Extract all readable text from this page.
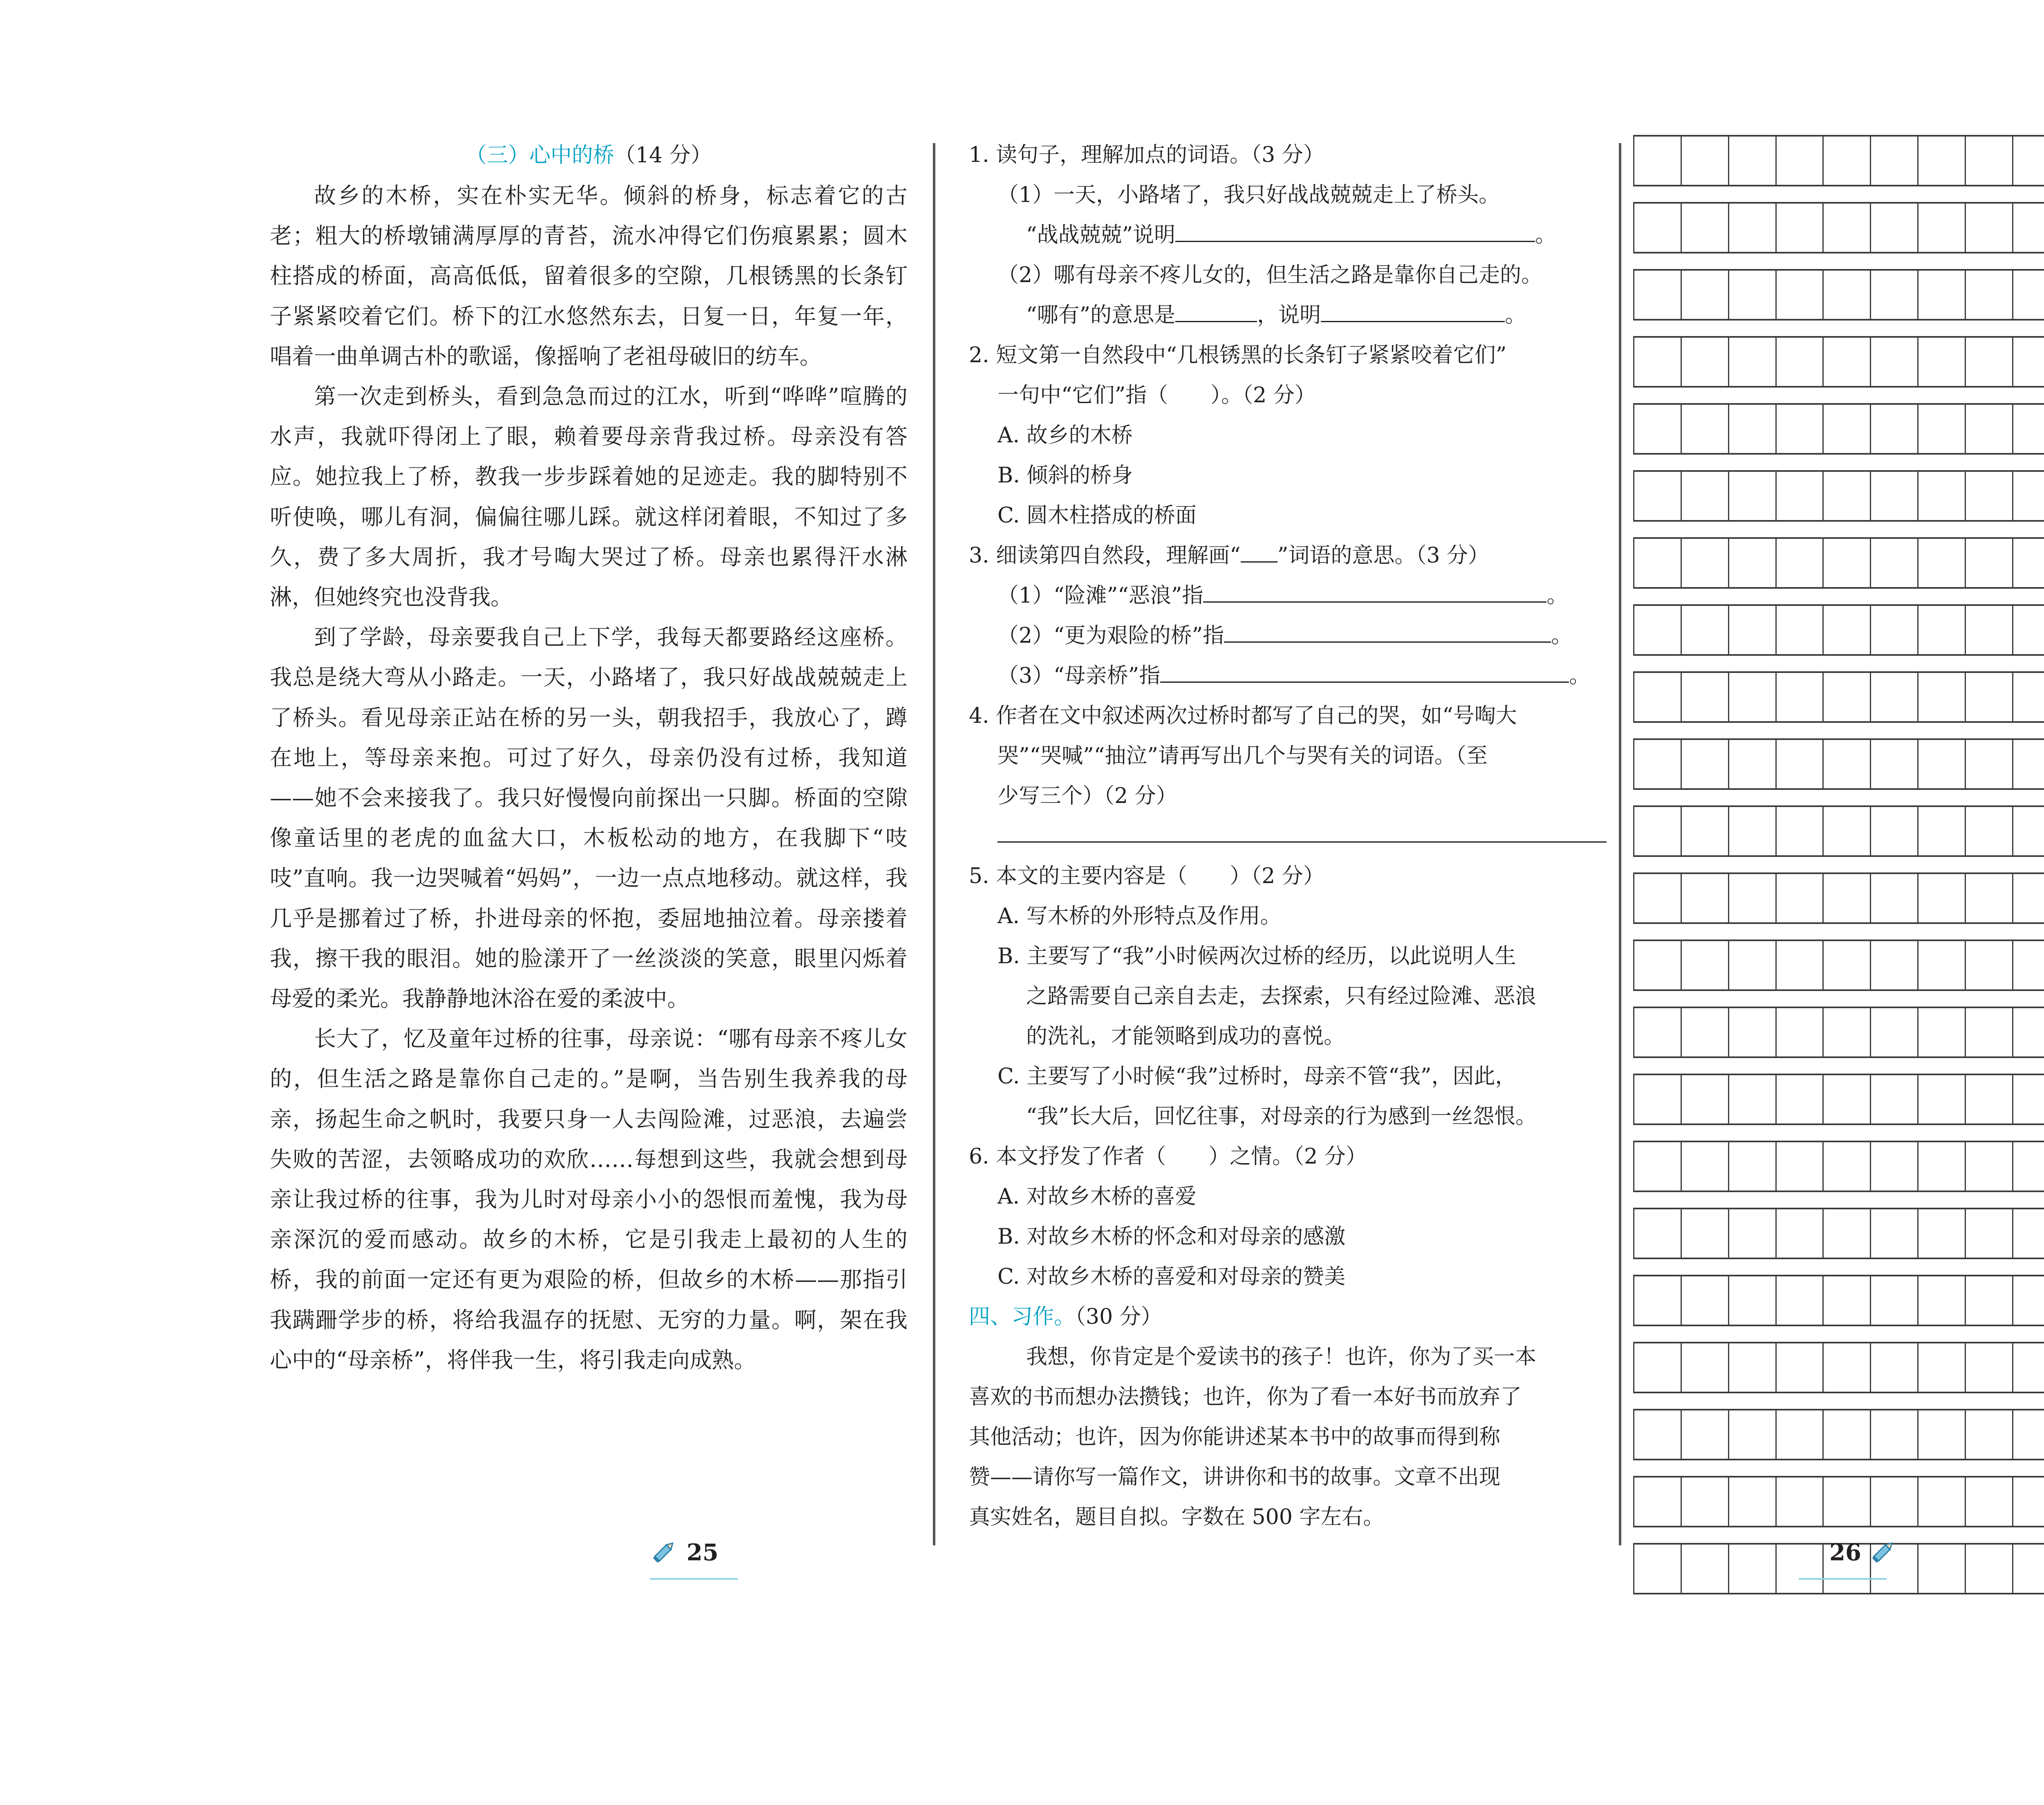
（三）心中的桥（14 分）

故乡的木桥，实在朴实无华。倾斜的桥身，标志着它的古老；粗大的桥墩铺满厚厚的青苔，流水冲得它们伤痕累累；圆木柱搭成的桥面，高高低低，留着很多的空隙，几根锈黑的长条钉子紧紧咬着它们。桥下的江水悠然东去，日复一日，年复一年，唱着一曲单调古朴的歌谣，像摇响了老祖母破旧的纺车。

第一次走到桥头，看到急急而过的江水，听到“哗哗”喧腾的水声，我就吓得闭上了眼，赖着要母亲背我过桥。母亲没有答应。她拉我上了桥，教我一步步踩着她的足迹走。我的脚特别不听使唤，哪儿有洞，偏偏往哪儿踩。就这样闭着眼，不知过了多久，费了多大周折，我才号啕大哭过了桥。母亲也累得汗水淋淋，但她终究也没背我。

到了学龄，母亲要我自己上下学，我每天都要路经这座桥。我总是绕大弯从小路走。一天，小路堵了，我只好战战兢兢走上了桥头。看见母亲正站在桥的另一头，朝我招手，我放心了，蹲在地上，等母亲来抱。可过了好久，母亲仍没有过桥，我知道——她不会来接我了。我只好慢慢向前探出一只脚。桥面的空隙像童话里的老虎的血盆大口，木板松动的地方，在我脚下“吱吱”直响。我一边哭喊着“妈妈”，一边一点点地移动。就这样，我几乎是挪着过了桥，扑进母亲的怀抱，委屈地抽泣着。母亲搂着我，擦干我的眼泪。她的脸漾开了一丝淡淡的笑意，眼里闪烁着母爱的柔光。我静静地沐浴在爱的柔波中。

长大了，忆及童年过桥的往事，母亲说：“哪有母亲不疼儿女的，但生活之路是靠你自己走的。”是啊，当告别生我养我的母亲，扬起生命之帆时，我要只身一人去闯险滩，过恶浪，去遍尝失败的苦涩，去领略成功的欢欣……每想到这些，我就会想到母亲让我过桥的往事，我为儿时对母亲小小的怨恨而羞愧，我为母亲深沉的爱而感动。故乡的木桥，它是引我走上最初的人生的桥，我的前面一定还有更为艰险的桥，但故乡的木桥——那指引我蹒跚学步的桥，将给我温存的抚慰、无穷的力量。啊，架在我心中的“母亲桥”，将伴我一生，将引我走向成熟。

1. 读句子，理解加点的词语。（3 分）
（1）一天，小路堵了，我只好战战兢兢 • • • •走上了桥头。
“战战兢兢”说明	。
（2）哪有母亲不疼儿女的，但生活之路是靠你自己走的。
“哪有”的意思是	，说明	。
2. 短文第一自然段中“几根锈黑的长条钉子紧紧咬着它们”
一句中“它们”指（　　）。（2 分）
A. 故乡的木桥
B. 倾斜的桥身
C. 圆木柱搭成的桥面
3. 细读第四自然段，理解画“ ”词语的意思。（3 分）
（1）“险滩”“恶浪”指	。
（2）“更为艰险的桥”指	。
（3）“母亲桥”指	。
4. 作者在文中叙述两次过桥时都写了自己的哭，如“号啕大
哭”“哭喊”“抽泣”请再写出几个与哭有关的词语。（至
少写三个）（2 分）
5. 本文的主要内容是（　　）（2 分）
A. 写木桥的外形特点及作用。
B. 主要写了“我”小时候两次过桥的经历，以此说明人生
之路需要自己亲自去走，去探索，只有经过险滩、恶浪
的洗礼，才能领略到成功的喜悦。
C. 主要写了小时候“我”过桥时，母亲不管“我”，因此，
“我”长大后，回忆往事，对母亲的行为感到一丝怨恨。
6. 本文抒发了作者（　　）之情。（2 分）
A. 对故乡木桥的喜爱
B. 对故乡木桥的怀念和对母亲的感激
C. 对故乡木桥的喜爱和对母亲的赞美
四、习作。（30 分）
我想，你肯定是个爱读书的孩子！也许，你为了买一本
喜欢的书而想办法攒钱；也许，你为了看一本好书而放弃了
其他活动；也许，因为你能讲述某本书中的故事而得到称
赞——请你写一篇作文，讲讲你和书的故事。文章不出现
真实姓名，题目自拟。字数在 500 字左右。
25	26
